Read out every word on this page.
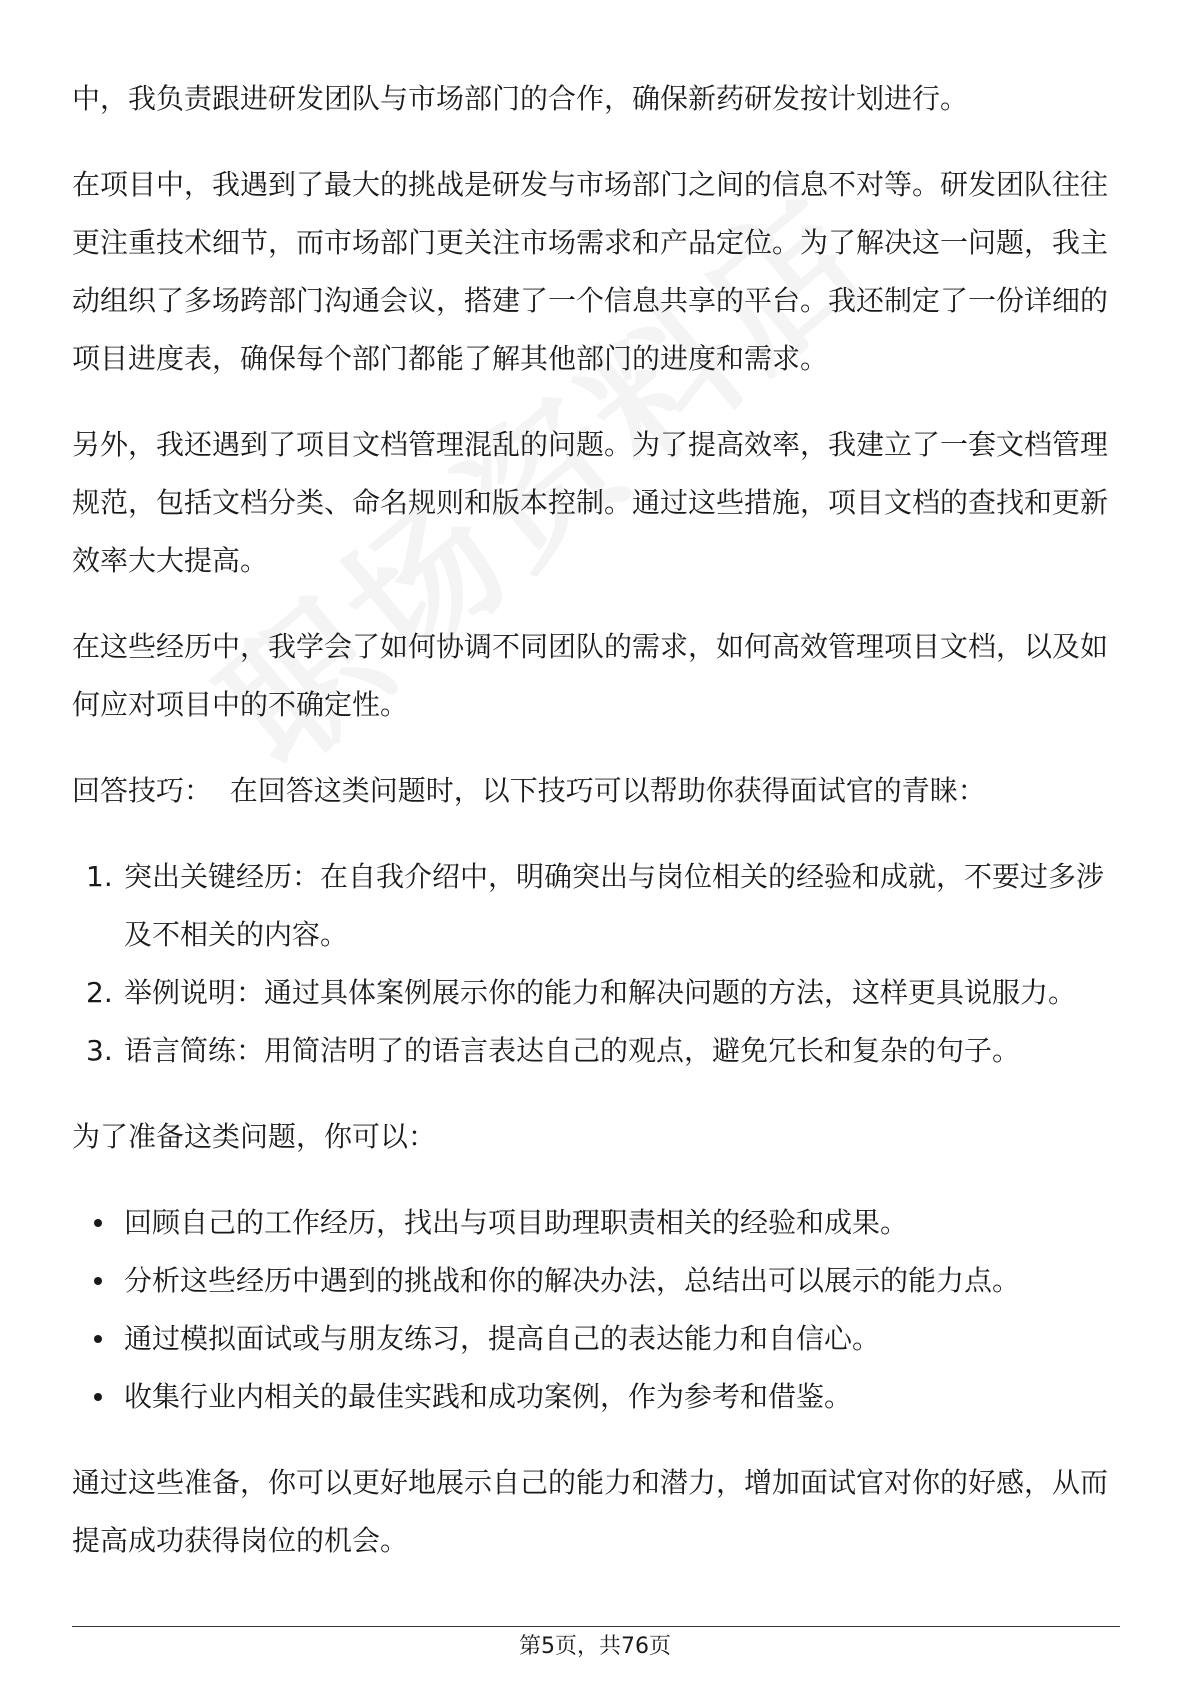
中，我负责跟进研发团队与市场部门的合作，确保新药研发按计划进行。

在项目中，我遇到了最大的挑战是研发与市场部门之间的信息不对等。研发团队往往更注重技术细节，而市场部门更关注市场需求和产品定位。为了解决这一问题，我主动组织了多场跨部门沟通会议，搭建了一个信息共享的平台。我还制定了一份详细的项目进度表，确保每个部门都能了解其他部门的进度和需求。

另外，我还遇到了项目文档管理混乱的问题。为了提高效率，我建立了一套文档管理规范，包括文档分类、命名规则和版本控制。通过这些措施，项目文档的查找和更新效率大大提高。

在这些经历中，我学会了如何协调不同团队的需求，如何高效管理项目文档，以及如何应对项目中的不确定性。

回答技巧：  在回答这类问题时，以下技巧可以帮助你获得面试官的青睐：

1. 突出关键经历：在自我介绍中，明确突出与岗位相关的经验和成就，不要过多涉及不相关的内容。
2. 举例说明：通过具体案例展示你的能力和解决问题的方法，这样更具说服力。
3. 语言简练：用简洁明了的语言表达自己的观点，避免冗长和复杂的句子。

为了准备这类问题，你可以：

回顾自己的工作经历，找出与项目助理职责相关的经验和成果。
分析这些经历中遇到的挑战和你的解决办法，总结出可以展示的能力点。
通过模拟面试或与朋友练习，提高自己的表达能力和自信心。
收集行业内相关的最佳实践和成功案例，作为参考和借鉴。

通过这些准备，你可以更好地展示自己的能力和潜力，增加面试官对你的好感，从而提高成功获得岗位的机会。

第5页，共76页
